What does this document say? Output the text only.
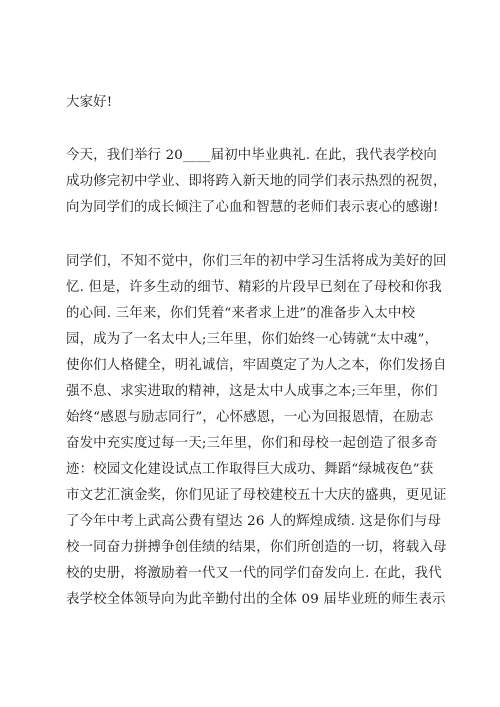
大家好!
今天，我们举行 20____届初中毕业典礼. 在此，我代表学校向
成功修完初中学业、即将跨入新天地的同学们表示热烈的祝贺，
向为同学们的成长倾注了心血和智慧的老师们表示衷心的感谢!
同学们，不知不觉中，你们三年的初中学习生活将成为美好的回
忆. 但是，许多生动的细节、精彩的片段早已刻在了母校和你我
的心间. 三年来，你们凭着“来者求上进”的准备步入太中校
园，成为了一名太中人;三年里，你们始终一心铸就“太中魂”，
使你们人格健全，明礼诚信，牢固奠定了为人之本，你们发扬自
强不息、求实进取的精神，这是太中人成事之本;三年里，你们
始终“感恩与励志同行”，心怀感恩，一心为回报恩情，在励志
奋发中充实度过每一天;三年里，你们和母校一起创造了很多奇
迹：校园文化建设试点工作取得巨大成功、舞蹈“绿城夜色”获
市文艺汇演金奖，你们见证了母校建校五十大庆的盛典，更见证
了今年中考上武高公费有望达 26 人的辉煌成绩. 这是你们与母
校一同奋力拼搏争创佳绩的结果，你们所创造的一切，将载入母
校的史册，将激励着一代又一代的同学们奋发向上. 在此，我代
表学校全体领导向为此辛勤付出的全体 09 届毕业班的师生表示
